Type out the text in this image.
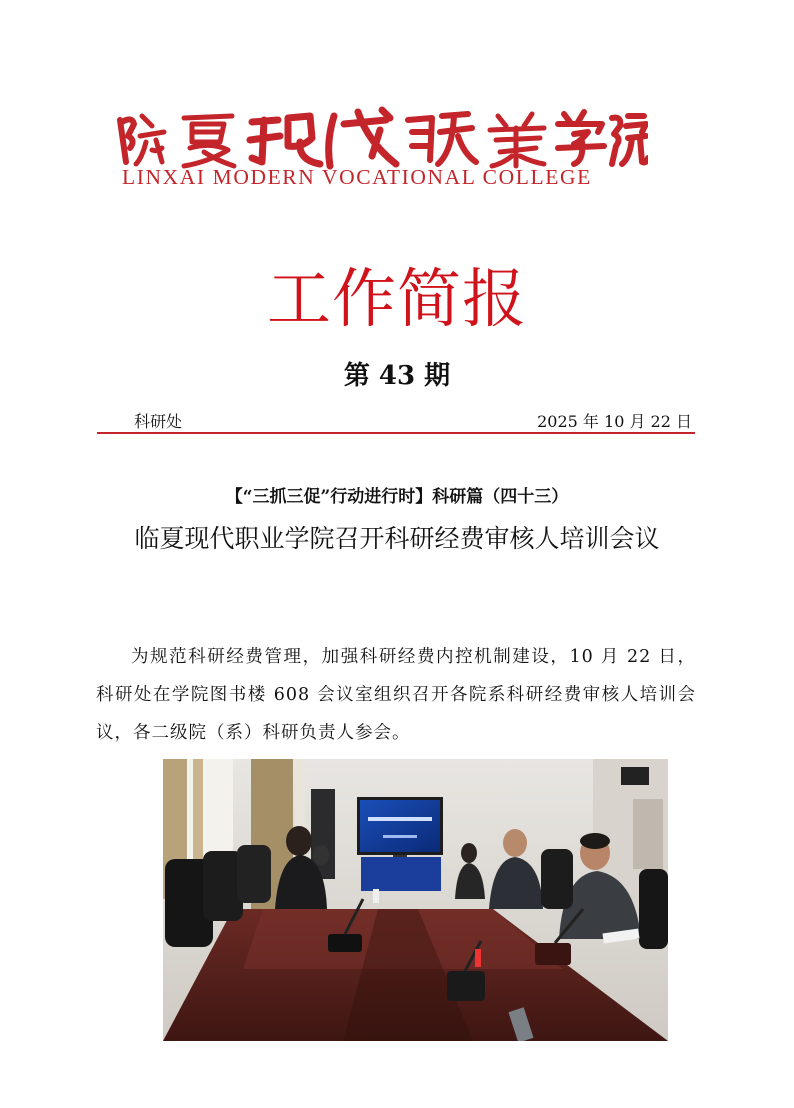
LINXAI MODERN VOCATIONAL COLLEGE
工作简报
第 43 期
科研处	2025 年 10 月 22 日
【“三抓三促”行动进行时】科研篇（四十三）
临夏现代职业学院召开科研经费审核人培训会议
为规范科研经费管理，加强科研经费内控机制建设，10 月 22 日，科研处在学院图书楼 608 会议室组织召开各院系科研经费审核人培训会议，各二级院（系）科研负责人参会。
